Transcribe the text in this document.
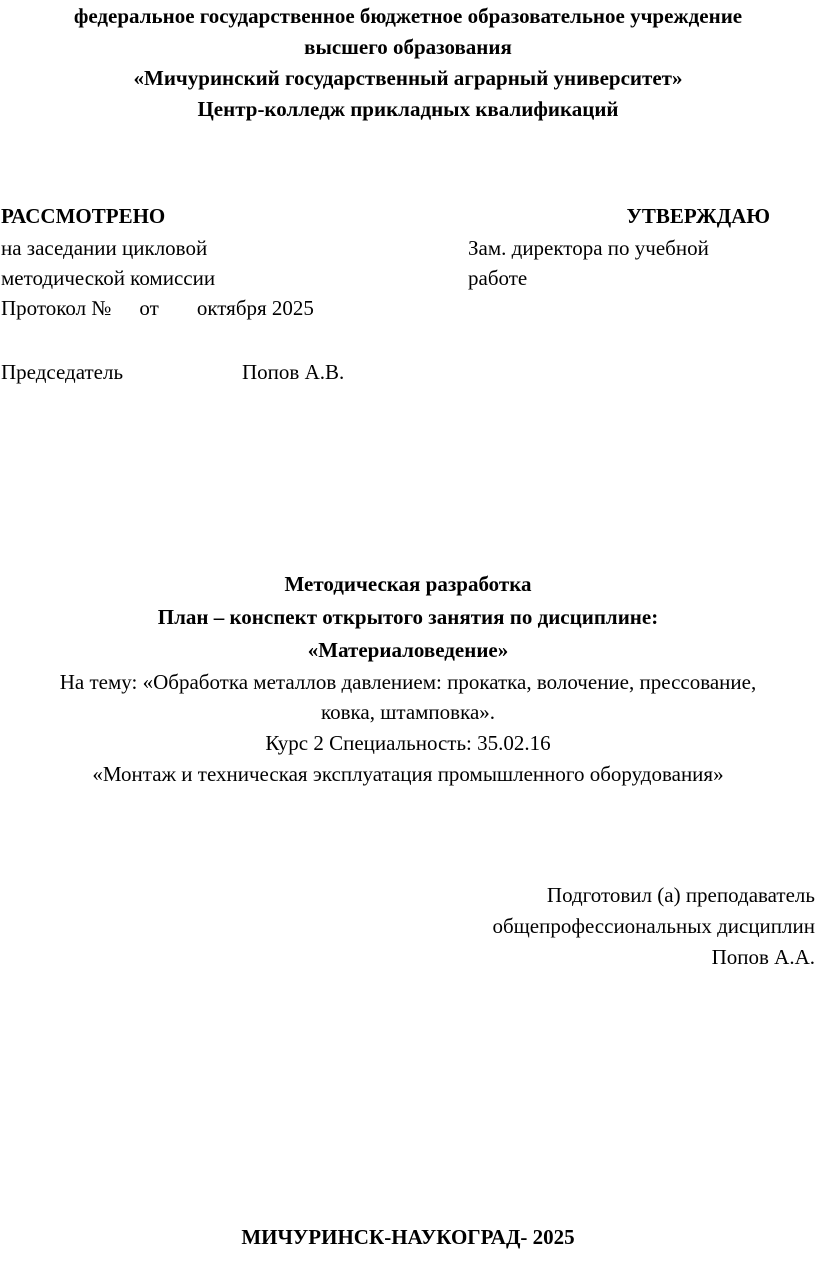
федеральное государственное бюджетное образовательное учреждение
высшего образования
«Мичуринский государственный аграрный университет»
Центр-колледж прикладных квалификаций
РАССМОТРЕНО
на заседании цикловой
методической комиссии
Протокол № от октября 2025
Председатель	Попов А.В.
УТВЕРЖДАЮ
Зам. директора по учебной
работе
Методическая разработка
План – конспект открытого занятия по дисциплине:
«Материаловедение»
На тему: «Обработка металлов давлением: прокатка, волочение, прессование,
ковка, штамповка».
Курс 2 Специальность: 35.02.16
«Монтаж и техническая эксплуатация промышленного оборудования»
Подготовил (а) преподаватель
общепрофессиональных дисциплин
Попов А.А.
МИЧУРИНСК-НАУКОГРАД- 2025
